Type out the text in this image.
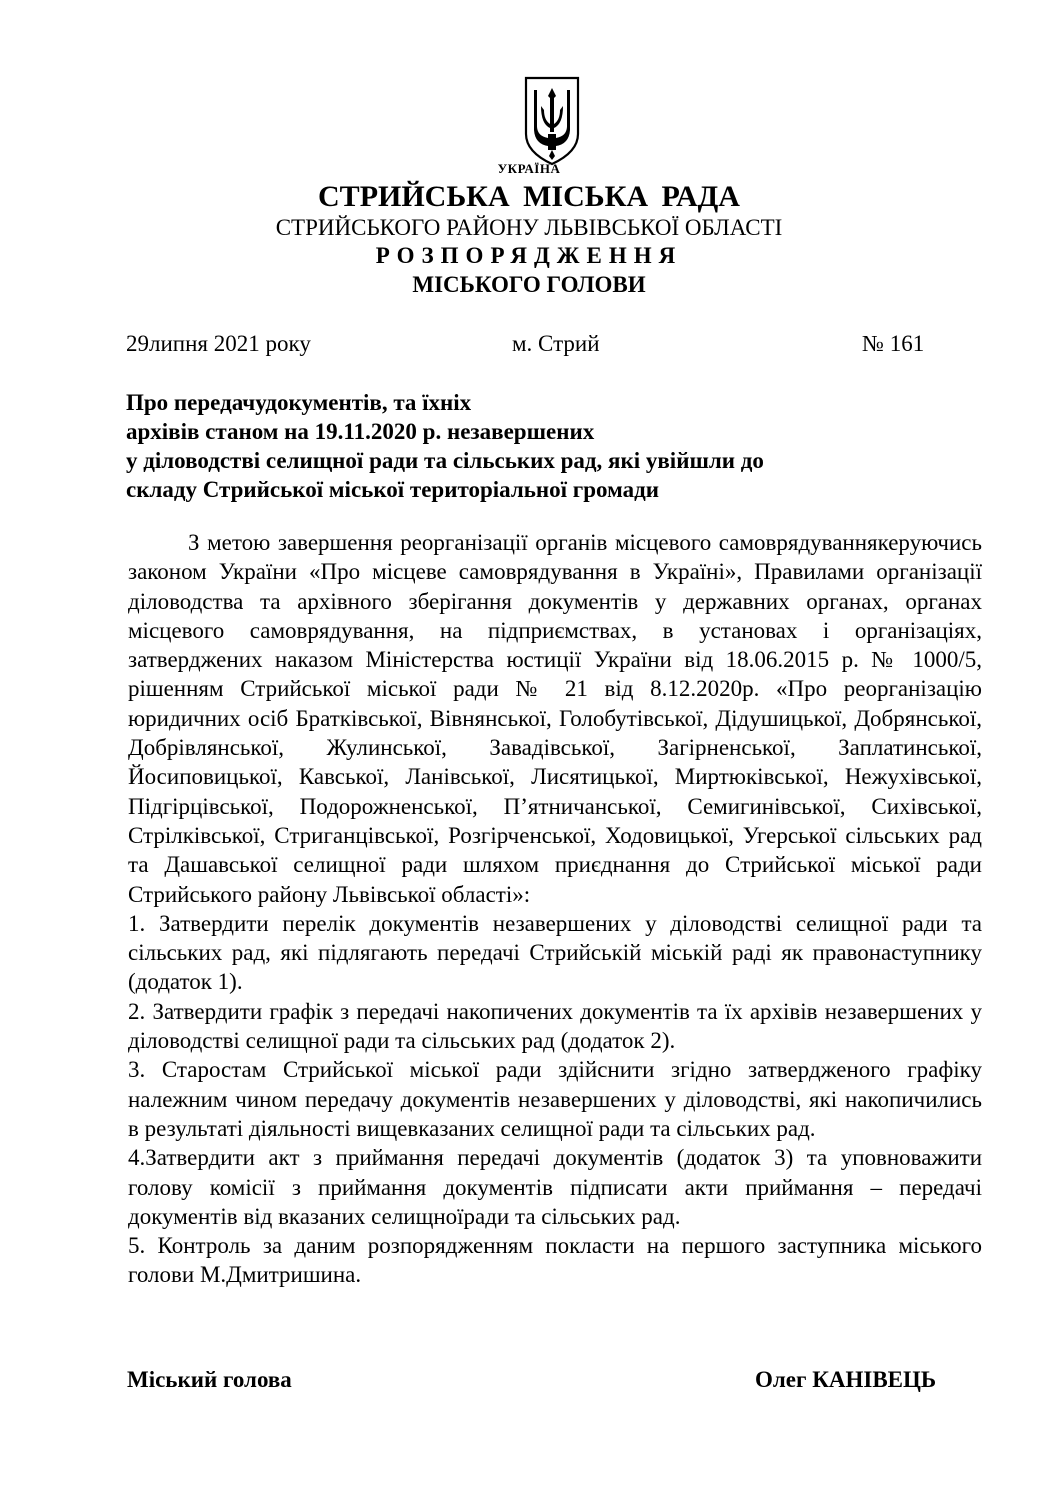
УКРАЇНА
СТРИЙСЬКА МІСЬКА РАДА
СТРИЙСЬКОГО РАЙОНУ ЛЬВІВСЬКОЇ ОБЛАСТІ
РОЗПОРЯДЖЕННЯ
МІСЬКОГО ГОЛОВИ
29липня 2021 року	м. Стрий	№ 161
Про передачудокументів, та їхніх
архівів станом на 19.11.2020 р. незавершених
у діловодстві селищної ради та сільських рад, які увійшли до
складу Стрийської міської територіальної громади

З метою завершення реорганізації органів місцевого самоврядуваннякеруючись законом України «Про місцеве самоврядування в Україні», Правилами організації діловодства та архівного зберігання документів у державних органах, органах місцевого самоврядування, на підприємствах, в установах і організаціях, затверджених наказом Міністерства юстиції України від 18.06.2015 р. № 1000/5, рішенням Стрийської міської ради № 21 від 8.12.2020р. «Про реорганізацію юридичних осіб Братківської, Вівнянської, Голобутівської, Дідушицької, Добрянської, Добрівлянської, Жулинської, Завадівської, Загірненської, Заплатинської, Йосиповицької, Кавської, Ланівської, Лисятицької, Миртюківської, Нежухівської, Підгірцівської, Подорожненської, П’ятничанської, Семигинівської, Сихівської, Стрілківської, Стриганцівської, Розгірченської, Ходовицької, Угерської сільських рад та Дашавської селищної ради шляхом приєднання до Стрийської міської ради Стрийського району Львівської області»:

1. Затвердити перелік документів незавершених у діловодстві селищної ради та сільських рад, які підлягають передачі Стрийській міській раді як правонаступнику (додаток 1).

2. Затвердити графік з передачі накопичених документів та їх архівів незавершених у діловодстві селищної ради та сільських рад (додаток 2).

3. Старостам Стрийської міської ради здійснити згідно затвердженого графіку належним чином передачу документів незавершених у діловодстві, які накопичились в результаті діяльності вищевказаних селищної ради та сільських рад.

4.Затвердити акт з приймання передачі документів (додаток 3) та уповноважити голову комісії з приймання документів підписати акти приймання – передачі документів від вказаних селищноїради та сільських рад.

5. Контроль за даним розпорядженням покласти на першого заступника міського голови М.Дмитришина.

Міський голова	Олег КАНІВЕЦЬ
